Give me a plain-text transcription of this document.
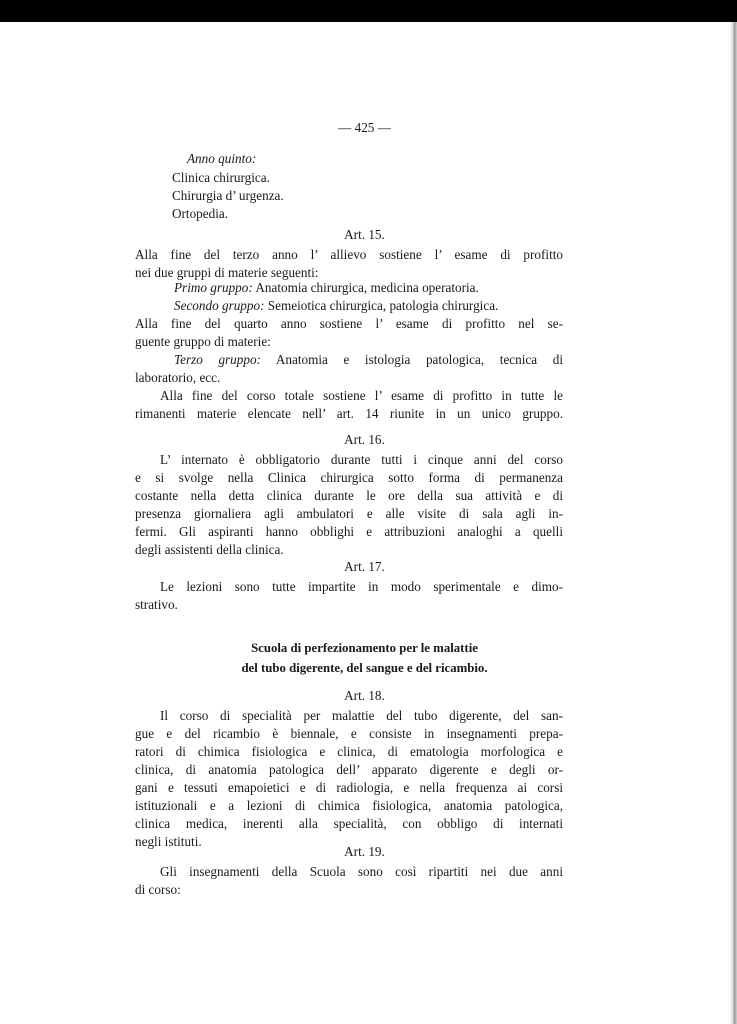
— 425 —

Anno quinto:

Clinica chirurgica.

Chirurgia d’ urgenza.

Ortopedia.

Art. 15.

Alla fine del terzo anno l’ allievo sostiene l’ esame di profitto

nei due gruppi di materie seguenti:

Primo gruppo: Anatomia chirurgica, medicina operatoria.

Secondo gruppo: Semeiotica chirurgica, patologia chirurgica.

Alla fine del quarto anno sostiene l’ esame di profitto nel se-

guente gruppo di materie:

Terzo gruppo: Anatomia e istologia patologica, tecnica di

laboratorio, ecc.

Alla fine del corso totale sostiene l’ esame di profitto in tutte le

rimanenti materie elencate nell’ art. 14 riunite in un unico gruppo.

Art. 16.

L’ internato è obbligatorio durante tutti i cinque anni del corso

e si svolge nella Clinica chirurgica sotto forma di permanenza

costante nella detta clinica durante le ore della sua attività e di

presenza giornaliera agli ambulatori e alle visite di sala agli in-

fermi. Gli aspiranti hanno obblighi e attribuzioni analoghi a quelli

degli assistenti della clinica.

Art. 17.

Le lezioni sono tutte impartite in modo sperimentale e dimo-

strativo.

Scuola di perfezionamento per le malattie

del tubo digerente, del sangue e del ricambio.

Art. 18.

Il corso di specialità per malattie del tubo digerente, del san-

gue e del ricambio è biennale, e consiste in insegnamenti prepa-

ratori di chimica fisiologica e clinica, di ematologia morfologica e

clinica, di anatomia patologica dell’ apparato digerente e degli or-

gani e tessuti emapoietici e di radiologia, e nella frequenza ai corsi

istituzionali e a lezioni di chimica fisiologica, anatomia patologica,

clinica medica, inerenti alla specialità, con obbligo di internati

negli istituti.

Art. 19.

Gli insegnamenti della Scuola sono così ripartiti nei due anni

di corso:
